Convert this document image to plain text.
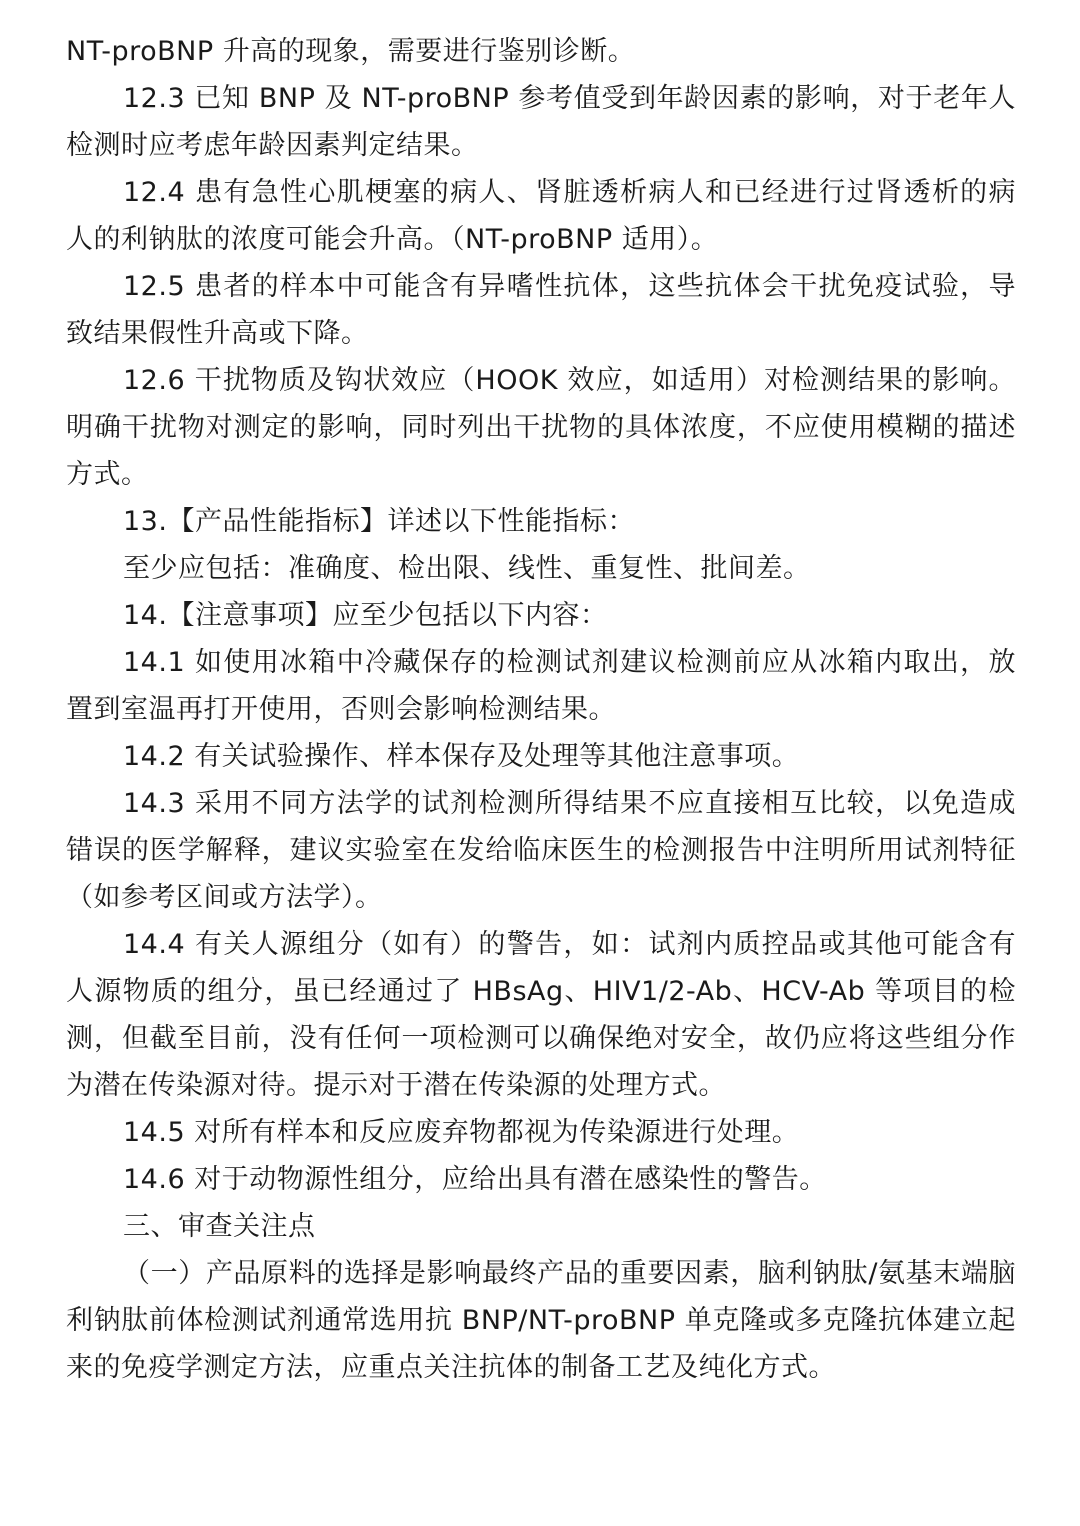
NT-proBNP 升高的现象，需要进行鉴别诊断。

12.3 已知 BNP 及 NT-proBNP 参考值受到年龄因素的影响，对于老年人检测时应考虑年龄因素判定结果。

12.4 患有急性心肌梗塞的病人、肾脏透析病人和已经进行过肾透析的病人的利钠肽的浓度可能会升高。（NT-proBNP 适用）。

12.5 患者的样本中可能含有异嗜性抗体，这些抗体会干扰免疫试验，导致结果假性升高或下降。

12.6 干扰物质及钩状效应（HOOK 效应，如适用）对检测结果的影响。明确干扰物对测定的影响，同时列出干扰物的具体浓度，不应使用模糊的描述方式。

13.【产品性能指标】详述以下性能指标：

至少应包括：准确度、检出限、线性、重复性、批间差。

14.【注意事项】应至少包括以下内容：

14.1 如使用冰箱中冷藏保存的检测试剂建议检测前应从冰箱内取出，放置到室温再打开使用，否则会影响检测结果。

14.2 有关试验操作、样本保存及处理等其他注意事项。

14.3 采用不同方法学的试剂检测所得结果不应直接相互比较，以免造成错误的医学解释，建议实验室在发给临床医生的检测报告中注明所用试剂特征（如参考区间或方法学）。

14.4 有关人源组分（如有）的警告，如：试剂内质控品或其他可能含有人源物质的组分，虽已经通过了 HBsAg、HIV1/2-Ab、HCV-Ab 等项目的检测，但截至目前，没有任何一项检测可以确保绝对安全，故仍应将这些组分作为潜在传染源对待。提示对于潜在传染源的处理方式。

14.5 对所有样本和反应废弃物都视为传染源进行处理。

14.6 对于动物源性组分，应给出具有潜在感染性的警告。

三、审查关注点

（一）产品原料的选择是影响最终产品的重要因素，脑利钠肽/氨基末端脑利钠肽前体检测试剂通常选用抗 BNP/NT-proBNP 单克隆或多克隆抗体建立起来的免疫学测定方法，应重点关注抗体的制备工艺及纯化方式。
